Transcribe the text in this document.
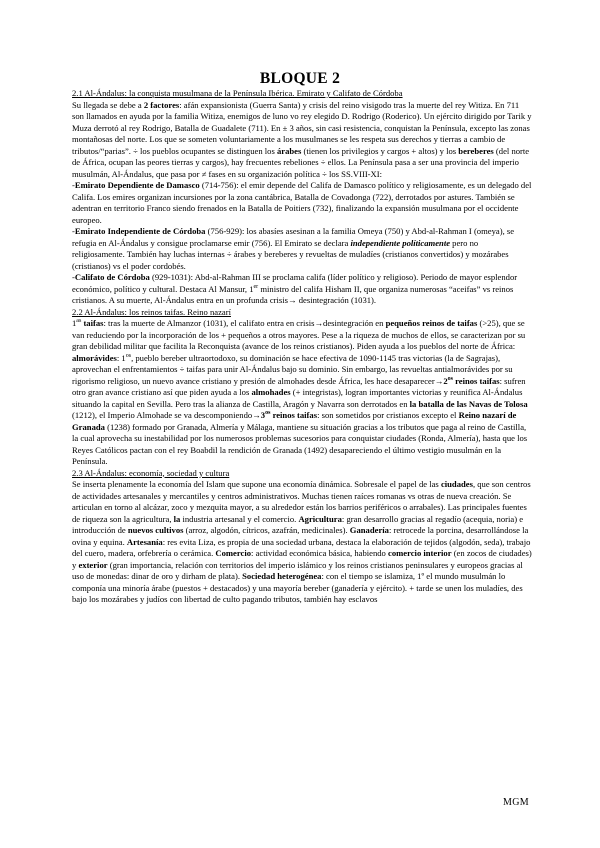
BLOQUE 2

2.1 Al-Ándalus: la conquista musulmana de la Península Ibérica. Emirato y Califato de Córdoba

Su llegada se debe a 2 factores: afán expansionista (Guerra Santa) y crisis del reino visigodo tras la muerte del rey Witiza. En 711 son llamados en ayuda por la familia Witiza, enemigos de luno vo rey elegido D. Rodrigo (Roderico). Un ejército dirigido por Tarik y Muza derrotó al rey Rodrigo, Batalla de Guadalete (711). En ± 3 años, sin casi resistencia, conquistan la Península, excepto las zonas montañosas del norte. Los que se someten voluntariamente a los musulmanes se les respeta sus derechos y tierras a cambio de tributos/“parias”. ÷ los pueblos ocupantes se distinguen los árabes (tienen los privilegios y cargos + altos) y los bereberes (del norte de África, ocupan las peores tierras y cargos), hay frecuentes rebeliones ÷ ellos. La Península pasa a ser una provincia del imperio musulmán, Al-Ándalus, que pasa por ≠ fases en su organización política ÷ los SS.VIII-XI:

-Emirato Dependiente de Damasco (714-756): el emir depende del Califa de Damasco político y religiosamente, es un delegado del Califa. Los emires organizan incursiones por la zona cantábrica, Batalla de Covadonga (722), derrotados por astures. También se adentran en territorio Franco siendo frenados en la Batalla de Poitiers (732), finalizando la expansión musulmana por el occidente europeo.

-Emirato Independiente de Córdoba (756-929): los abasíes asesinan a la familia Omeya (750) y Abd-al-Rahman I (omeya), se refugia en Al-Ándalus y consigue proclamarse emir (756). El Emirato se declara independiente políticamente pero no religiosamente. También hay luchas internas ÷ árabes y bereberes y revueltas de muladíes (cristianos convertidos) y mozárabes (cristianos) vs el poder cordobés.

-Califato de Córdoba (929-1031): Abd-al-Rahman III se proclama califa (líder político y religioso). Periodo de mayor esplendor económico, político y cultural. Destaca Al Mansur, 1er ministro del califa Hisham II, que organiza numerosas “aceifas” vs reinos cristianos. A su muerte, Al-Ándalus entra en un profunda crisis→ desintegración (1031).

2.2 Al-Ándalus: los reinos taifas. Reino nazarí

$1^{as}$ taifas: tras la muerte de Almanzor (1031), el califato entra en crisis→desintegración en pequeños reinos de taifas (>25), que se van reduciendo por la incorporación de los + pequeños a otros mayores. Pese a la riqueza de muchos de ellos, se caracterizan por su gran debilidad militar que facilita la Reconquista (avance de los reinos cristianos). Piden ayuda a los pueblos del norte de África: almorávides: $1^{os}$, pueblo bereber ultraortodoxo, su dominación se hace efectiva de 1090-1145 tras victorias (la de Sagrajas), aprovechan el enfrentamientos ÷ taifas para unir Al-Ándalus bajo su dominio. Sin embargo, las revueltas antialmorávides por su rigorismo religioso, un nuevo avance cristiano y presión de almohades desde África, les hace $desaparecer\to 2^{os}$ reinos taifas: sufren otro gran avance cristiano así que piden ayuda a los almohades (+ integristas), logran importantes victorias y reunifica Al-Ándalus situando la capital en Sevilla. Pero tras la alianza de Castilla, Aragón y Navarra son derrotados en la batalla de las Navas de Tolosa (1212), el Imperio Almohade se va $descomponiendo\to 3^{os}$ reinos taifas: son sometidos por cristianos excepto el Reino nazarí de Granada (1238) formado por Granada, Almería y Málaga, mantiene su situación gracias a los tributos que paga al reino de Castilla, la cual aprovecha su inestabilidad por los numerosos problemas sucesorios para conquistar ciudades (Ronda, Almería), hasta que los Reyes Católicos pactan con el rey Boabdil la rendición de Granada (1492) desapareciendo el último vestigio musulmán en la Península.

2.3 Al-Ándalus: economía, sociedad y cultura

Se inserta plenamente la economía del Islam que supone una economía dinámica. Sobresale el papel de las ciudades, que son centros de actividades artesanales y mercantiles y centros administrativos. Muchas tienen raíces romanas vs otras de nueva creación. Se articulan en torno al alcázar, zoco y mezquita mayor, a su alrededor están los barrios periféricos o arrabales). Las principales fuentes de riqueza son la agricultura, la industria artesanal y el comercio. Agricultura: gran desarrollo gracias al regadío (acequia, noria) e introducción de nuevos cultivos (arroz, algodón, cítricos, azafrán, medicinales). Ganadería: retrocede la porcina, desarrollándose la ovina y equina. Artesanía: res evita Liza, es propia de una sociedad urbana, destaca la elaboración de tejidos (algodón, seda), trabajo del cuero, madera, orfebrería o cerámica. Comercio: actividad económica básica, habiendo comercio interior (en zocos de ciudades) y exterior (gran importancia, relación con territorios del imperio islámico y los reinos cristianos peninsulares y europeos gracias al uso de monedas: dinar de oro y dirham de plata). Sociedad heterogénea: con el tiempo se islamiza, 1º el mundo musulmán lo componía una minoría árabe (puestos + destacados) y una mayoría bereber (ganadería y ejército). + tarde se unen los muladíes, des bajo los mozárabes y judíos con libertad de culto pagando tributos, también hay esclavos

MGM
